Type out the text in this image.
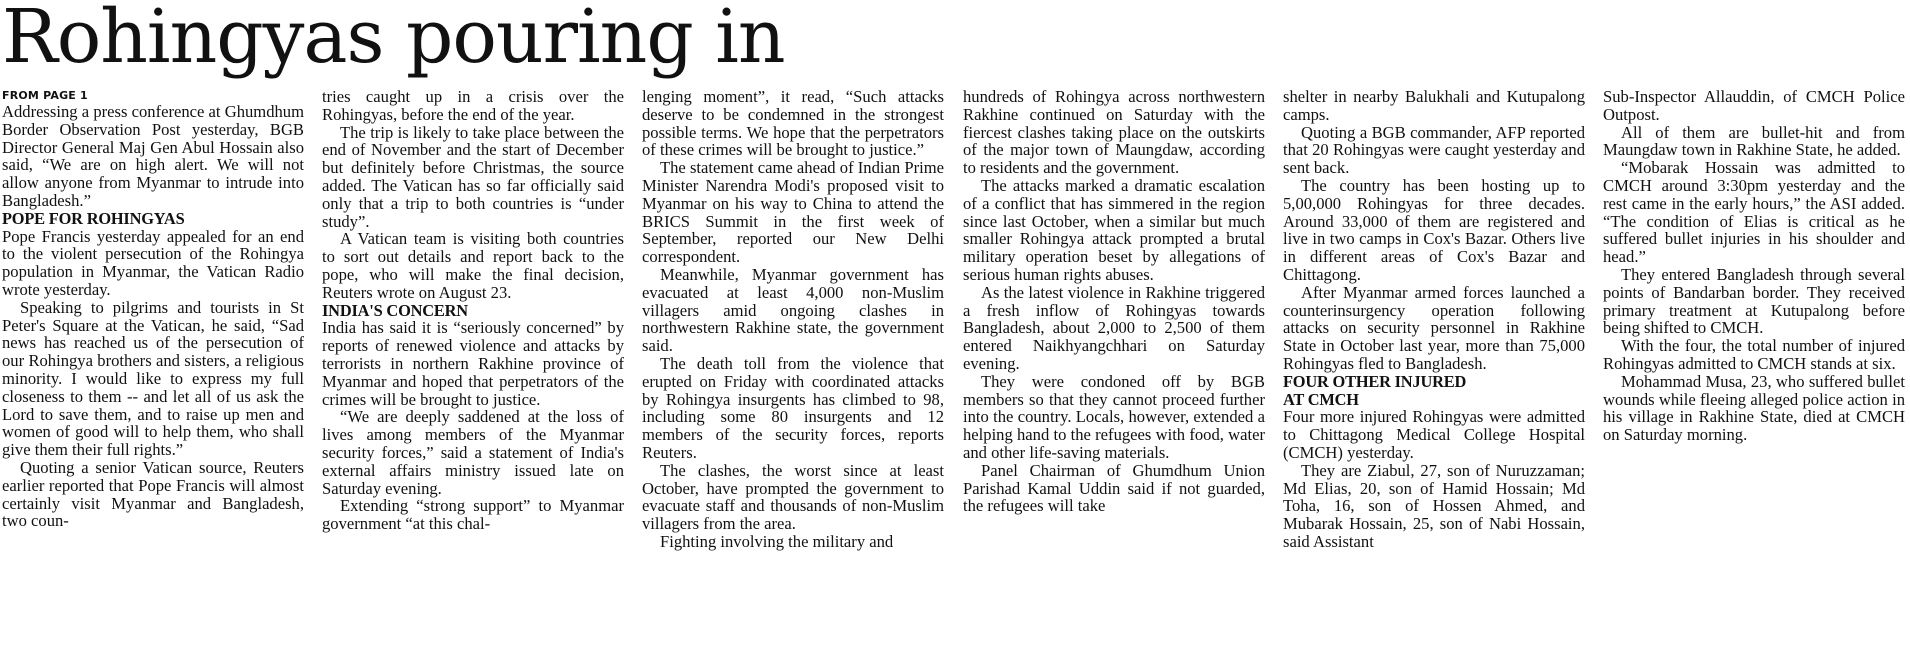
Rohingyas pouring in

FROM PAGE 1

Addressing a press conference at Ghumdhum Border Observation Post yesterday, BGB Director General Maj Gen Abul Hossain also said, “We are on high alert. We will not allow anyone from Myanmar to intrude into Bangladesh.”

POPE FOR ROHINGYAS

Pope Francis yesterday appealed for an end to the violent persecution of the Rohingya population in Myanmar, the Vatican Radio wrote yesterday.

Speaking to pilgrims and tourists in St Peter's Square at the Vatican, he said, “Sad news has reached us of the persecution of our Rohingya brothers and sisters, a religious minority. I would like to express my full closeness to them -- and let all of us ask the Lord to save them, and to raise up men and women of good will to help them, who shall give them their full rights.”

Quoting a senior Vatican source, Reuters earlier reported that Pope Francis will almost certainly visit Myanmar and Bangladesh, two coun-

tries caught up in a crisis over the Rohingyas, before the end of the year.

The trip is likely to take place between the end of November and the start of December but definitely before Christmas, the source added. The Vatican has so far officially said only that a trip to both countries is “under study”.

A Vatican team is visiting both countries to sort out details and report back to the pope, who will make the final decision, Reuters wrote on August 23.

INDIA'S CONCERN

India has said it is “seriously concerned” by reports of renewed violence and attacks by terrorists in northern Rakhine province of Myanmar and hoped that perpetrators of the crimes will be brought to justice.

“We are deeply saddened at the loss of lives among members of the Myanmar security forces,” said a statement of India's external affairs ministry issued late on Saturday evening.

Extending “strong support” to Myanmar government “at this chal-

lenging moment”, it read, “Such attacks deserve to be condemned in the strongest possible terms. We hope that the perpetrators of these crimes will be brought to justice.”

The statement came ahead of Indian Prime Minister Narendra Modi's proposed visit to Myanmar on his way to China to attend the BRICS Summit in the first week of September, reported our New Delhi correspondent.

Meanwhile, Myanmar government has evacuated at least 4,000 non-Muslim villagers amid ongoing clashes in northwestern Rakhine state, the government said.

The death toll from the violence that erupted on Friday with coordinated attacks by Rohingya insurgents has climbed to 98, including some 80 insurgents and 12 members of the security forces, reports Reuters.

The clashes, the worst since at least October, have prompted the government to evacuate staff and thousands of non-Muslim villagers from the area.

Fighting involving the military and

hundreds of Rohingya across northwestern Rakhine continued on Saturday with the fiercest clashes taking place on the outskirts of the major town of Maungdaw, according to residents and the government.

The attacks marked a dramatic escalation of a conflict that has simmered in the region since last October, when a similar but much smaller Rohingya attack prompted a brutal military operation beset by allegations of serious human rights abuses.

As the latest violence in Rakhine triggered a fresh inflow of Rohingyas towards Bangladesh, about 2,000 to 2,500 of them entered Naikhyangchhari on Saturday evening.

They were condoned off by BGB members so that they cannot proceed further into the country. Locals, however, extended a helping hand to the refugees with food, water and other life-saving materials.

Panel Chairman of Ghumdhum Union Parishad Kamal Uddin said if not guarded, the refugees will take

shelter in nearby Balukhali and Kutupalong camps.

Quoting a BGB commander, AFP reported that 20 Rohingyas were caught yesterday and sent back.

The country has been hosting up to 5,00,000 Rohingyas for three decades. Around 33,000 of them are registered and live in two camps in Cox's Bazar. Others live in different areas of Cox's Bazar and Chittagong.

After Myanmar armed forces launched a counterinsurgency operation following attacks on security personnel in Rakhine State in October last year, more than 75,000 Rohingyas fled to Bangladesh.

FOUR OTHER INJURED

AT CMCH

Four more injured Rohingyas were admitted to Chittagong Medical College Hospital (CMCH) yesterday.

They are Ziabul, 27, son of Nuruzzaman; Md Elias, 20, son of Hamid Hossain; Md Toha, 16, son of Hossen Ahmed, and Mubarak Hossain, 25, son of Nabi Hossain, said Assistant

Sub-Inspector Allauddin, of CMCH Police Outpost.

All of them are bullet-hit and from Maungdaw town in Rakhine State, he added.

“Mobarak Hossain was admitted to CMCH around 3:30pm yesterday and the rest came in the early hours,” the ASI added. “The condition of Elias is critical as he suffered bullet injuries in his shoulder and head.”

They entered Bangladesh through several points of Bandarban border. They received primary treatment at Kutupalong before being shifted to CMCH.

With the four, the total number of injured Rohingyas admitted to CMCH stands at six.

Mohammad Musa, 23, who suffered bullet wounds while fleeing alleged police action in his village in Rakhine State, died at CMCH on Saturday morning.
